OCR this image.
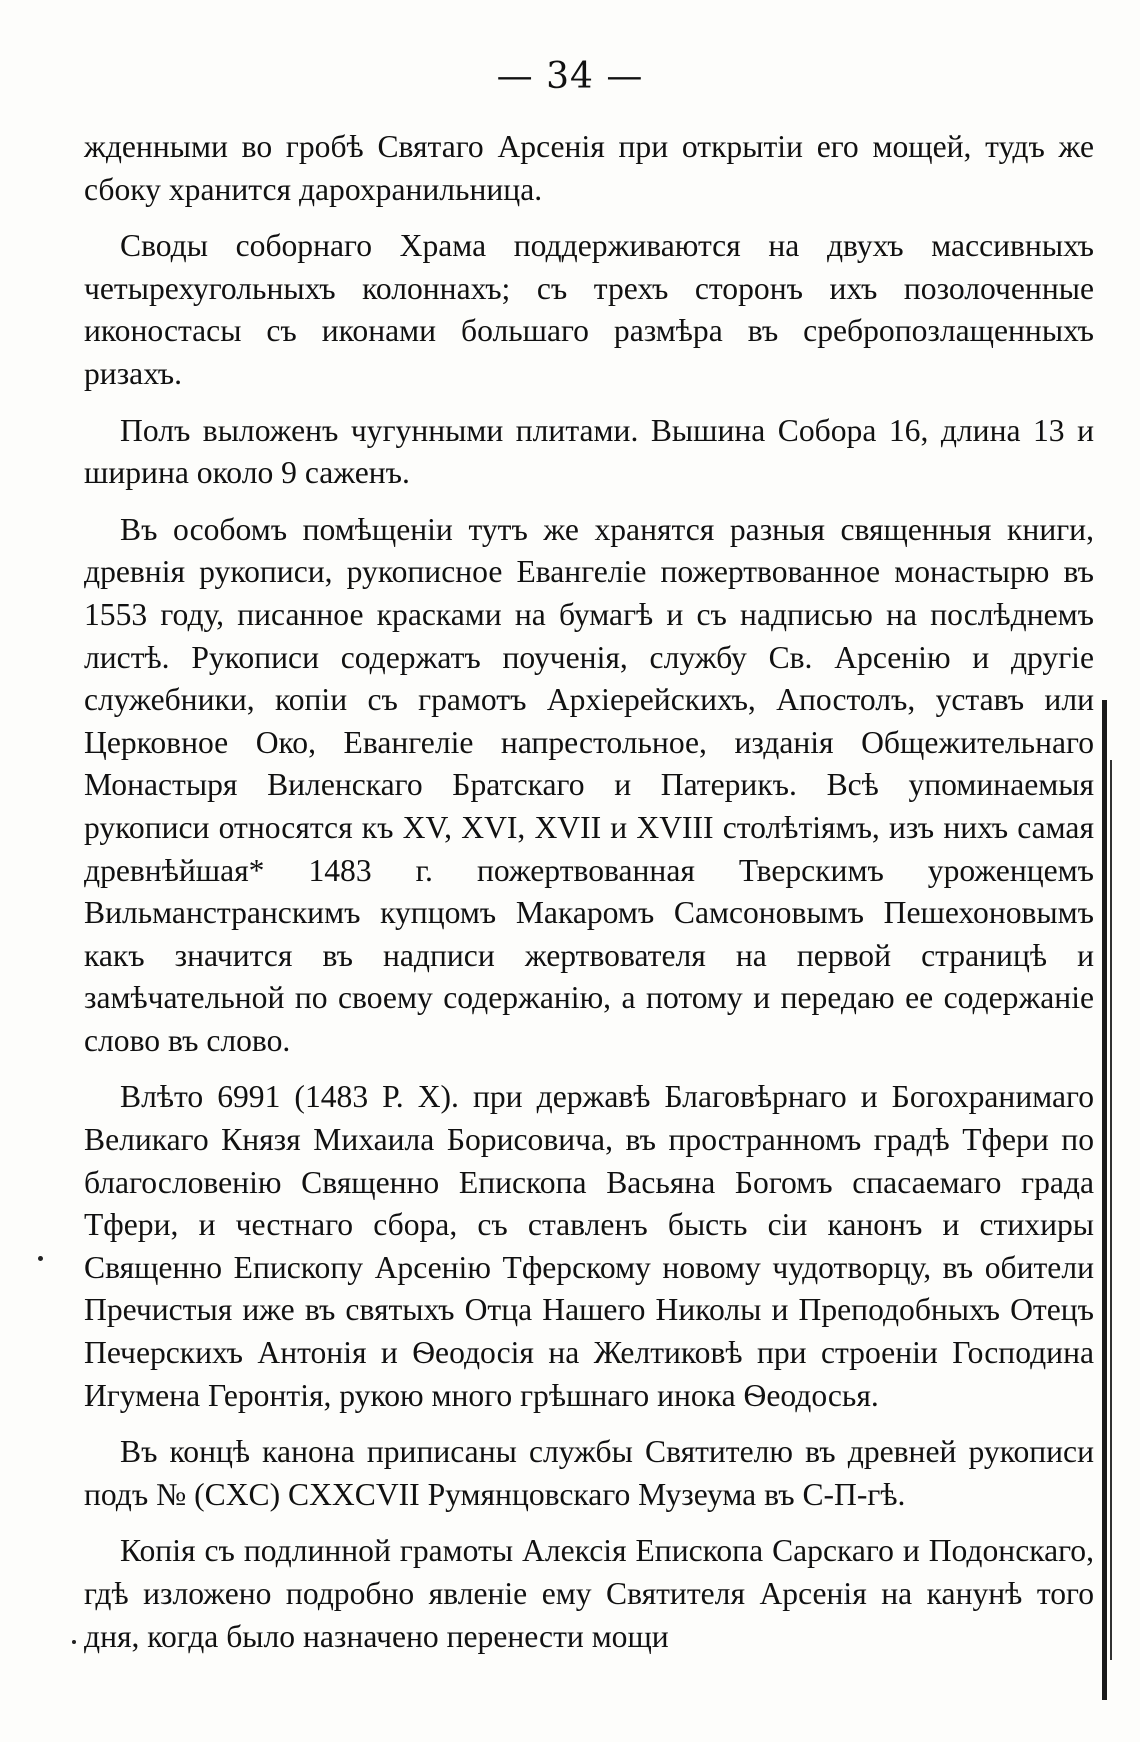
— 34 —

жденными во гробѣ Святаго Арсенія при открытіи его мощей, тудъ же сбоку хранится дарохранильница.

Своды соборнаго Храма поддерживаются на двухъ массивныхъ четырехугольныхъ колоннахъ; съ трехъ сторонъ ихъ позолоченные иконостасы съ иконами большаго размѣра въ сребропозлащенныхъ ризахъ.

Полъ выложенъ чугунными плитами. Вышина Собора 16, длина 13 и ширина около 9 саженъ.

Въ особомъ помѣщеніи тутъ же хранятся разныя священныя книги, древнія рукописи, рукописное Евангеліе пожертвованное монастырю въ 1553 году, писанное красками на бумагѣ и съ надписью на послѣднемъ листѣ. Рукописи содержатъ поученія, службу Св. Арсенію и другіе служебники, копіи съ грамотъ Архіерейскихъ, Апостолъ, уставъ или Церковное Око, Евангеліе напрестольное, изданія Общежительнаго Монастыря Виленскаго Братскаго и Патерикъ. Всѣ упоминаемыя рукописи относятся къ XV, XVI, XVII и XVIII столѣтіямъ, изъ нихъ самая древнѣйшая* 1483 г. пожертвованная Тверскимъ уроженцемъ Вильманстранскимъ купцомъ Макаромъ Самсоновымъ Пешехоновымъ какъ значится въ надписи жертвователя на первой страницѣ и замѣчательной по своему содержанію, а потому и передаю ее содержаніе слово въ слово.

Влѣто 6991 (1483 Р. X). при державѣ Благовѣрнаго и Богохранимаго Великаго Князя Михаила Борисовича, въ пространномъ градѣ Тфери по благословенію Священно Епископа Васьяна Богомъ спасаемаго града Тфери, и честнаго сбора, съ ставленъ бысть сіи канонъ и стихиры Священно Епископу Арсенію Тферскому новому чудотворцу, въ обители Пречистыя иже въ святыхъ Отца Нашего Николы и Преподобныхъ Отецъ Печерскихъ Антонія и Ѳеодосія на Желтиковѣ при строеніи Господина Игумена Геронтія, рукою много грѣшнаго инока Ѳеодосья.

Въ концѣ канона приписаны службы Святителю въ древней рукописи подъ № (CXC) CXXCVII Румянцовскаго Музеума въ С-П-гѣ.

Копія съ подлинной грамоты Алексія Епископа Сарскаго и Подонскаго, гдѣ изложено подробно явленіе ему Святителя Арсенія на канунѣ того дня, когда было назначено перенести мощи
